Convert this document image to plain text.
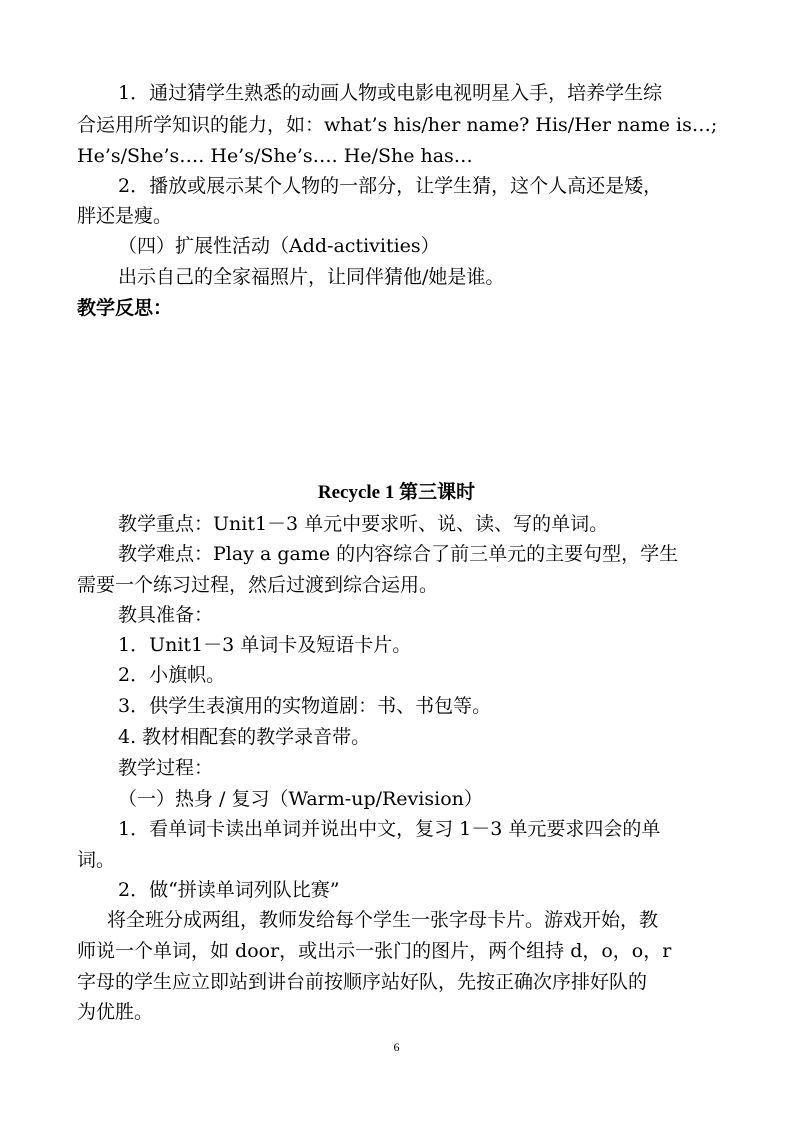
1．通过猜学生熟悉的动画人物或电影电视明星入手，培养学生综
合运用所学知识的能力，如：what’s his/her name? His/Her name is…;
He’s/She’s…. He’s/She’s…. He/She has…
2．播放或展示某个人物的一部分，让学生猜，这个人高还是矮，
胖还是瘦。
（四）扩展性活动（Add-activities）
出示自己的全家福照片，让同伴猜他/她是谁。
教学反思：
Recycle 1 第三课时
教学重点：Unit1－3 单元中要求听、说、读、写的单词。
教学难点：Play a game 的内容综合了前三单元的主要句型，学生
需要一个练习过程，然后过渡到综合运用。
教具准备：
1．Unit1－3 单词卡及短语卡片。
2．小旗帜。
3．供学生表演用的实物道剧：书、书包等。
4. 教材相配套的教学录音带。
教学过程：
（一）热身 / 复习（Warm-up/Revision）
1．看单词卡读出单词并说出中文，复习 1－3 单元要求四会的单
词。
2．做“拼读单词列队比赛”
将全班分成两组，教师发给每个学生一张字母卡片。游戏开始，教
师说一个单词，如 door，或出示一张门的图片，两个组持 d，o，o，r
字母的学生应立即站到讲台前按顺序站好队，先按正确次序排好队的
为优胜。
6
